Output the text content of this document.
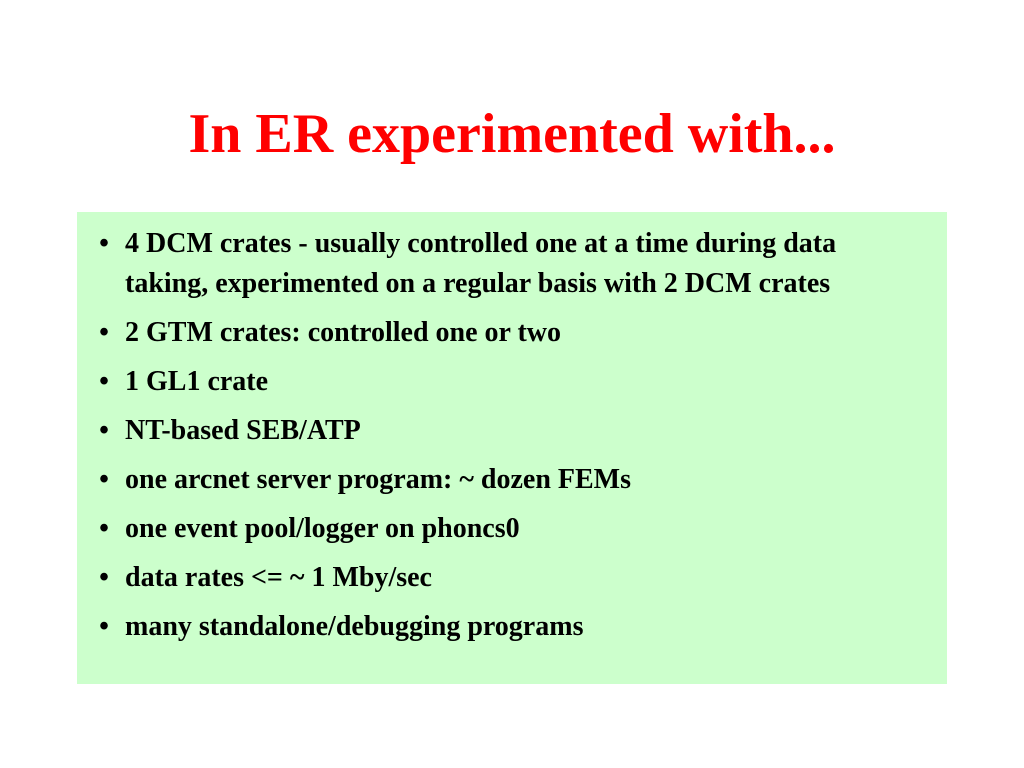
In ER experimented with...
• 4 DCM crates - usually controlled one at a time during data taking, experimented on a regular basis with 2 DCM crates
• 2 GTM crates: controlled one or two
• 1 GL1 crate
• NT-based SEB/ATP
• one arcnet server program: ~ dozen FEMs
• one event pool/logger on phoncs0
• data rates <= ~ 1 Mby/sec
• many standalone/debugging programs
